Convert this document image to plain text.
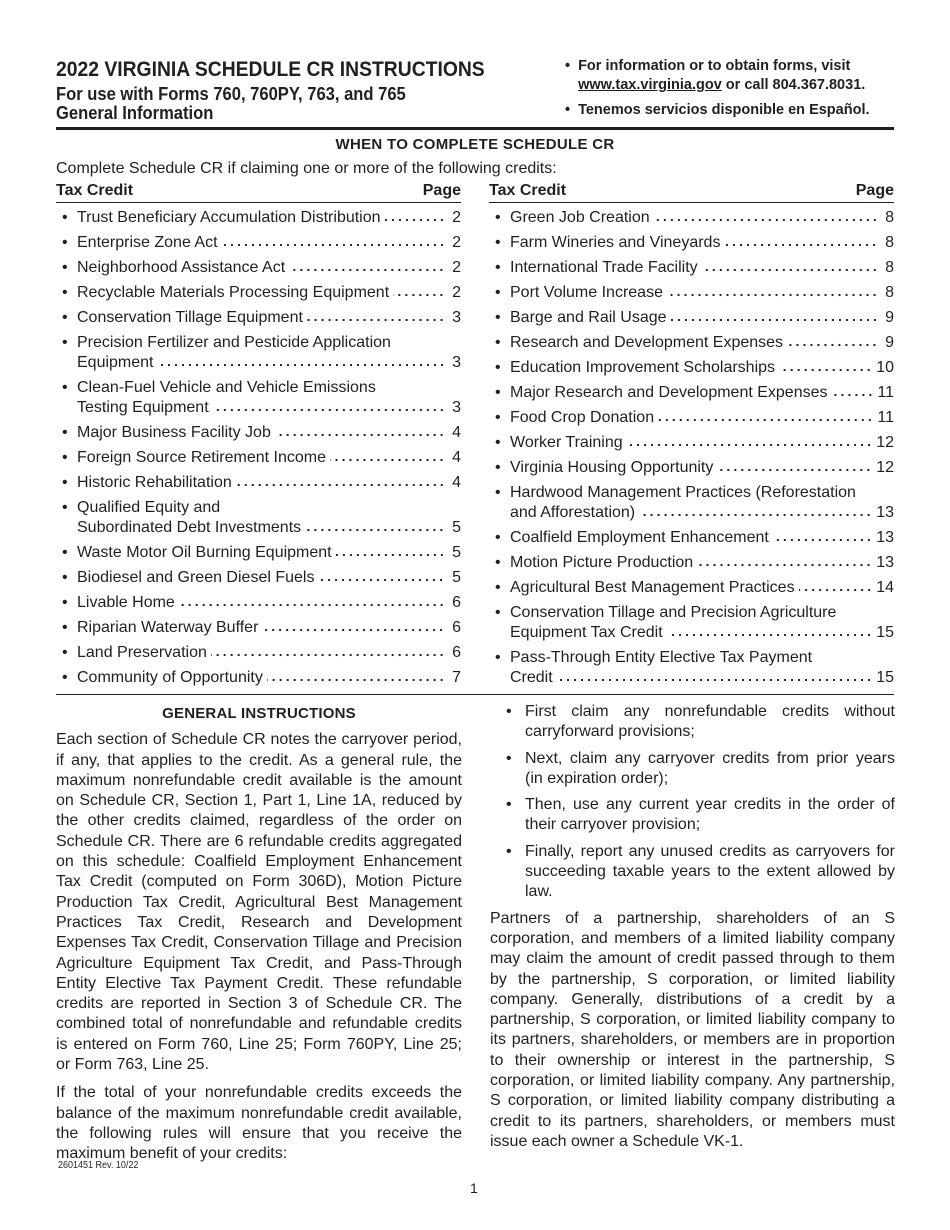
2022 VIRGINIA SCHEDULE CR INSTRUCTIONS
For use with Forms 760, 760PY, 763, and 765
General Information
• For information or to obtain forms, visit www.tax.virginia.gov or call 804.367.8031.
• Tenemos servicios disponible en Español.
WHEN TO COMPLETE SCHEDULE CR
Complete Schedule CR if claiming one or more of the following credits:
Tax Credit	Page
• Trust Beneficiary Accumulation Distribution	2
• Enterprise Zone Act	2
• Neighborhood Assistance Act	2
• Recyclable Materials Processing Equipment	2
• Conservation Tillage Equipment	3
• Precision Fertilizer and Pesticide Application
Equipment	3
• Clean-Fuel Vehicle and Vehicle Emissions
Testing Equipment	3
• Major Business Facility Job	4
• Foreign Source Retirement Income	4
• Historic Rehabilitation	4
• Qualified Equity and
Subordinated Debt Investments	5
• Waste Motor Oil Burning Equipment	5
• Biodiesel and Green Diesel Fuels	5
• Livable Home	6
• Riparian Waterway Buffer	6
• Land Preservation	6
• Community of Opportunity	7
Tax Credit	Page
• Green Job Creation	8
• Farm Wineries and Vineyards	8
• International Trade Facility	8
• Port Volume Increase	8
• Barge and Rail Usage	9
• Research and Development Expenses	9
• Education Improvement Scholarships	10
• Major Research and Development Expenses	11
• Food Crop Donation	11
• Worker Training	12
• Virginia Housing Opportunity	12
• Hardwood Management Practices (Reforestation
and Afforestation)	13
• Coalfield Employment Enhancement	13
• Motion Picture Production	13
• Agricultural Best Management Practices	14
• Conservation Tillage and Precision Agriculture
Equipment Tax Credit	15
• Pass-Through Entity Elective Tax Payment
Credit	15
GENERAL INSTRUCTIONS

Each section of Schedule CR notes the carryover period, if any, that applies to the credit. As a general rule, the maximum nonrefundable credit available is the amount on Schedule CR, Section 1, Part 1, Line 1A, reduced by the other credits claimed, regardless of the order on Schedule CR. There are 6 refundable credits aggregated on this schedule: Coalfield Employment Enhancement Tax Credit (computed on Form 306D), Motion Picture Production Tax Credit, Agricultural Best Management Practices Tax Credit, Research and Development Expenses Tax Credit, Conservation Tillage and Precision Agriculture Equipment Tax Credit, and Pass-Through Entity Elective Tax Payment Credit. These refundable credits are reported in Section 3 of Schedule CR. The combined total of nonrefundable and refundable credits is entered on Form 760, Line 25; Form 760PY, Line 25; or Form 763, Line 25.

If the total of your nonrefundable credits exceeds the balance of the maximum nonrefundable credit available, the following rules will ensure that you receive the maximum benefit of your credits:

• First claim any nonrefundable credits without carryforward provisions;
• Next, claim any carryover credits from prior years (in expiration order);
• Then, use any current year credits in the order of their carryover provision;
• Finally, report any unused credits as carryovers for succeeding taxable years to the extent allowed by law.

Partners of a partnership, shareholders of an S corporation, and members of a limited liability company may claim the amount of credit passed through to them by the partnership, S corporation, or limited liability company. Generally, distributions of a credit by a partnership, S corporation, or limited liability company to its partners, shareholders, or members are in proportion to their ownership or interest in the partnership, S corporation, or limited liability company. Any partnership, S corporation, or limited liability company distributing a credit to its partners, shareholders, or members must issue each owner a Schedule VK-1.

2601451 Rev. 10/22
1
